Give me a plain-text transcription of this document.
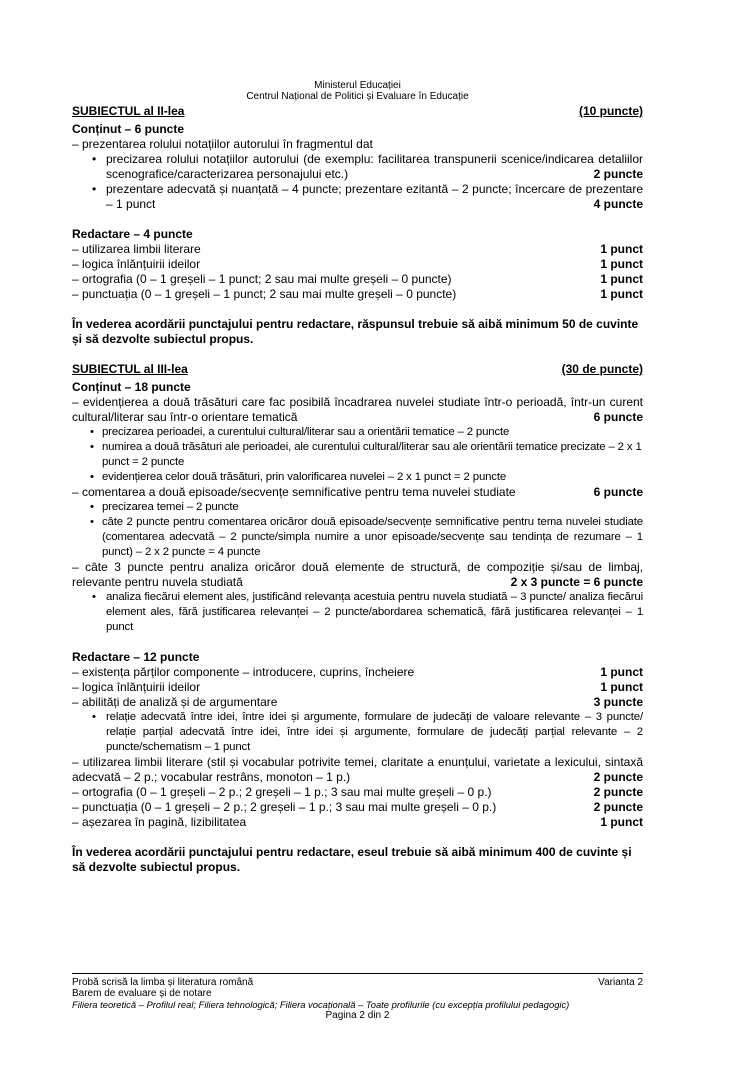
Ministerul Educației
Centrul Național de Politici și Evaluare în Educație
SUBIECTUL al II-lea	(10 puncte)

Conținut – 6 puncte

– prezentarea rolului notațiilor autorului în fragmentul dat

• precizarea rolului notațiilor autorului (de exemplu: facilitarea transpunerii scenice/indicarea detaliilor scenografice/caracterizarea personajului etc.)	2 puncte
• prezentare adecvată și nuanțată – 4 puncte; prezentare ezitantă – 2 puncte; încercare de prezentare – 1 punct	4 puncte

Redactare – 4 puncte

– utilizarea limbii literare	1 punct
– logica înlănțuirii ideilor	1 punct
– ortografia (0 – 1 greșeli – 1 punct; 2 sau mai multe greșeli – 0 puncte)	1 punct
– punctuația (0 – 1 greșeli – 1 punct; 2 sau mai multe greșeli – 0 puncte)	1 punct

În vederea acordării punctajului pentru redactare, răspunsul trebuie să aibă minimum 50 de cuvinte și să dezvolte subiectul propus.

SUBIECTUL al III-lea	(30 de puncte)

Conținut – 18 puncte

– evidențierea a două trăsături care fac posibilă încadrarea nuvelei studiate într-o perioadă, într-un curent cultural/literar sau într-o orientare tematică	6 puncte
• precizarea perioadei, a curentului cultural/literar sau a orientării tematice – 2 puncte
• numirea a două trăsături ale perioadei, ale curentului cultural/literar sau ale orientării tematice precizate – 2 x 1 punct = 2 puncte
• evidențierea celor două trăsături, prin valorificarea nuvelei – 2 x 1 punct = 2 puncte
– comentarea a două episoade/secvențe semnificative pentru tema nuvelei studiate	6 puncte
• precizarea temei – 2 puncte
• câte 2 puncte pentru comentarea oricăror două episoade/secvențe semnificative pentru tema nuvelei studiate (comentarea adecvată – 2 puncte/simpla numire a unor episoade/secvențe sau tendința de rezumare – 1 punct) – 2 x 2 puncte = 4 puncte
– câte 3 puncte pentru analiza oricăror două elemente de structură, de compoziție și/sau de limbaj, relevante pentru nuvela studiată	2 x 3 puncte = 6 puncte
• analiza fiecărui element ales, justificând relevanța acestuia pentru nuvela studiată – 3 puncte/ analiza fiecărui element ales, fără justificarea relevanței – 2 puncte/abordarea schematică, fără justificarea relevanței – 1 punct

Redactare – 12 puncte

– existența părților componente – introducere, cuprins, încheiere	1 punct
– logica înlănțuirii ideilor	1 punct
– abilități de analiză și de argumentare	3 puncte
• relație adecvată între idei, între idei și argumente, formulare de judecăți de valoare relevante – 3 puncte/ relație parțial adecvată între idei, între idei și argumente, formulare de judecăți parțial relevante – 2 puncte/schematism – 1 punct
– utilizarea limbii literare (stil și vocabular potrivite temei, claritate a enunțului, varietate a lexicului, sintaxă adecvată – 2 p.; vocabular restrâns, monoton – 1 p.)	2 puncte
– ortografia (0 – 1 greșeli – 2 p.; 2 greșeli – 1 p.; 3 sau mai multe greșeli – 0 p.)	2 puncte
– punctuația (0 – 1 greșeli – 2 p.; 2 greșeli – 1 p.; 3 sau mai multe greșeli – 0 p.)	2 puncte
– așezarea în pagină, lizibilitatea	1 punct

În vederea acordării punctajului pentru redactare, eseul trebuie să aibă minimum 400 de cuvinte și să dezvolte subiectul propus.

Probă scrisă la limba și literatura română	Varianta 2
Barem de evaluare și de notare
Filiera teoretică – Profilul real; Filiera tehnologică; Filiera vocațională – Toate profilurile (cu excepția profilului pedagogic)
Pagina 2 din 2
